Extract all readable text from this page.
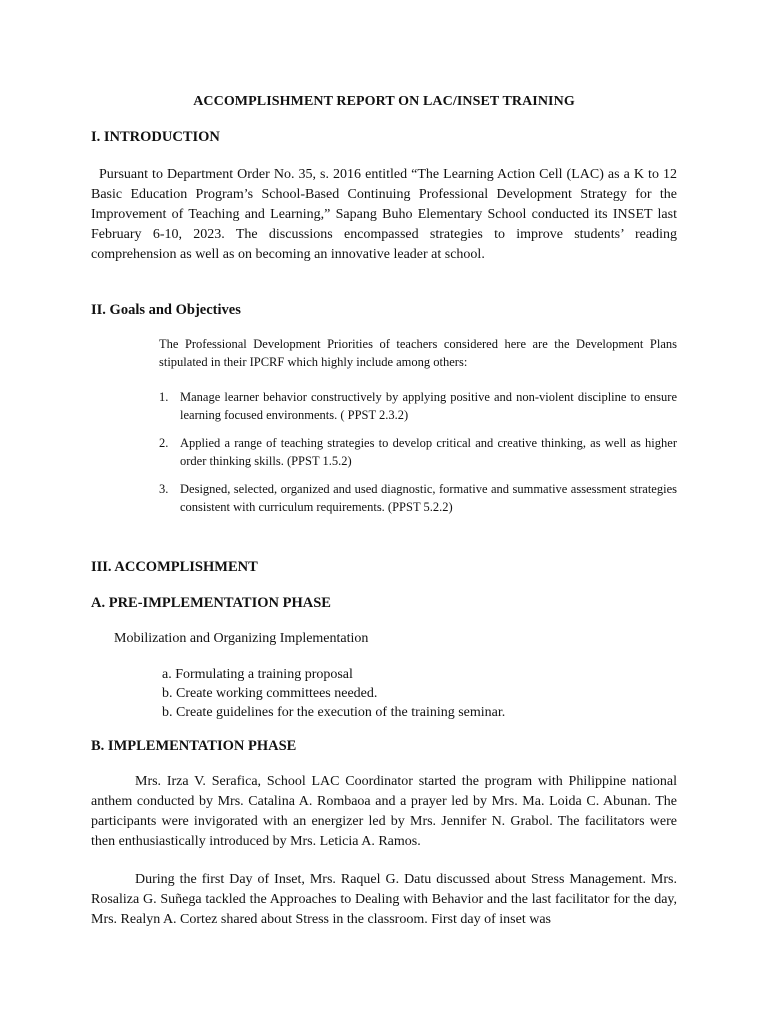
ACCOMPLISHMENT REPORT ON LAC/INSET TRAINING
I. INTRODUCTION
Pursuant to Department Order No. 35, s. 2016 entitled “The Learning Action Cell (LAC) as a K to 12 Basic Education Program’s School-Based Continuing Professional Development Strategy for the Improvement of Teaching and Learning,” Sapang Buho Elementary School conducted its INSET last February 6-10, 2023. The discussions encompassed strategies to improve students’ reading comprehension as well as on becoming an innovative leader at school.
II. Goals and Objectives
The Professional Development Priorities of teachers considered here are the Development Plans stipulated in their IPCRF which highly include among others:
1. Manage learner behavior constructively by applying positive and non-violent discipline to ensure learning focused environments. ( PPST 2.3.2)
2. Applied a range of teaching strategies to develop critical and creative thinking, as well as higher order thinking skills. (PPST 1.5.2)
3. Designed, selected, organized and used diagnostic, formative and summative assessment strategies consistent with curriculum requirements. (PPST 5.2.2)
III. ACCOMPLISHMENT
A. PRE-IMPLEMENTATION PHASE
Mobilization and Organizing Implementation
a. Formulating a training proposal
b. Create working committees needed.
b. Create guidelines for the execution of the training seminar.
B. IMPLEMENTATION PHASE
Mrs. Irza V. Serafica, School LAC Coordinator started the program with Philippine national anthem conducted by Mrs. Catalina A. Rombaoa and a prayer led by Mrs. Ma. Loida C. Abunan. The participants were invigorated with an energizer led by Mrs. Jennifer N. Grabol. The facilitators were then enthusiastically introduced by Mrs. Leticia A. Ramos.
During the first Day of Inset, Mrs. Raquel G. Datu discussed about Stress Management. Mrs. Rosaliza G. Suñega tackled the Approaches to Dealing with Behavior and the last facilitator for the day, Mrs. Realyn A. Cortez shared about Stress in the classroom. First day of inset was
